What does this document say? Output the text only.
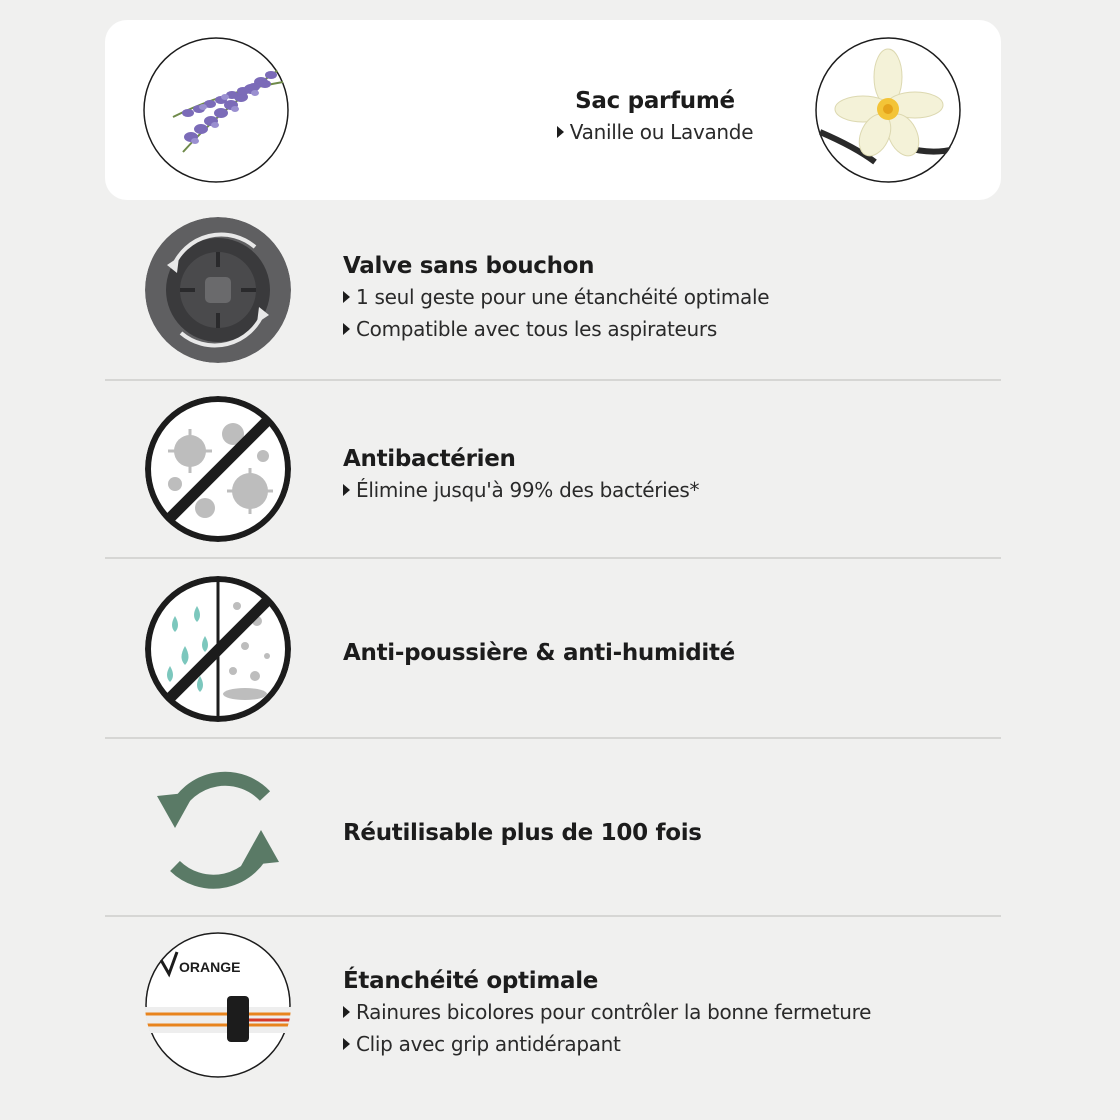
Sac parfumé
Vanille ou Lavande
Valve sans bouchon
1 seul geste pour une étanchéité optimale
Compatible avec tous les aspirateurs
Antibactérien
Élimine jusqu'à 99% des bactéries*
Anti-poussière & anti-humidité
Réutilisable plus de 100 fois
ORANGE
Étanchéité optimale
Rainures bicolores pour contrôler la bonne fermeture
Clip avec grip antidérapant
